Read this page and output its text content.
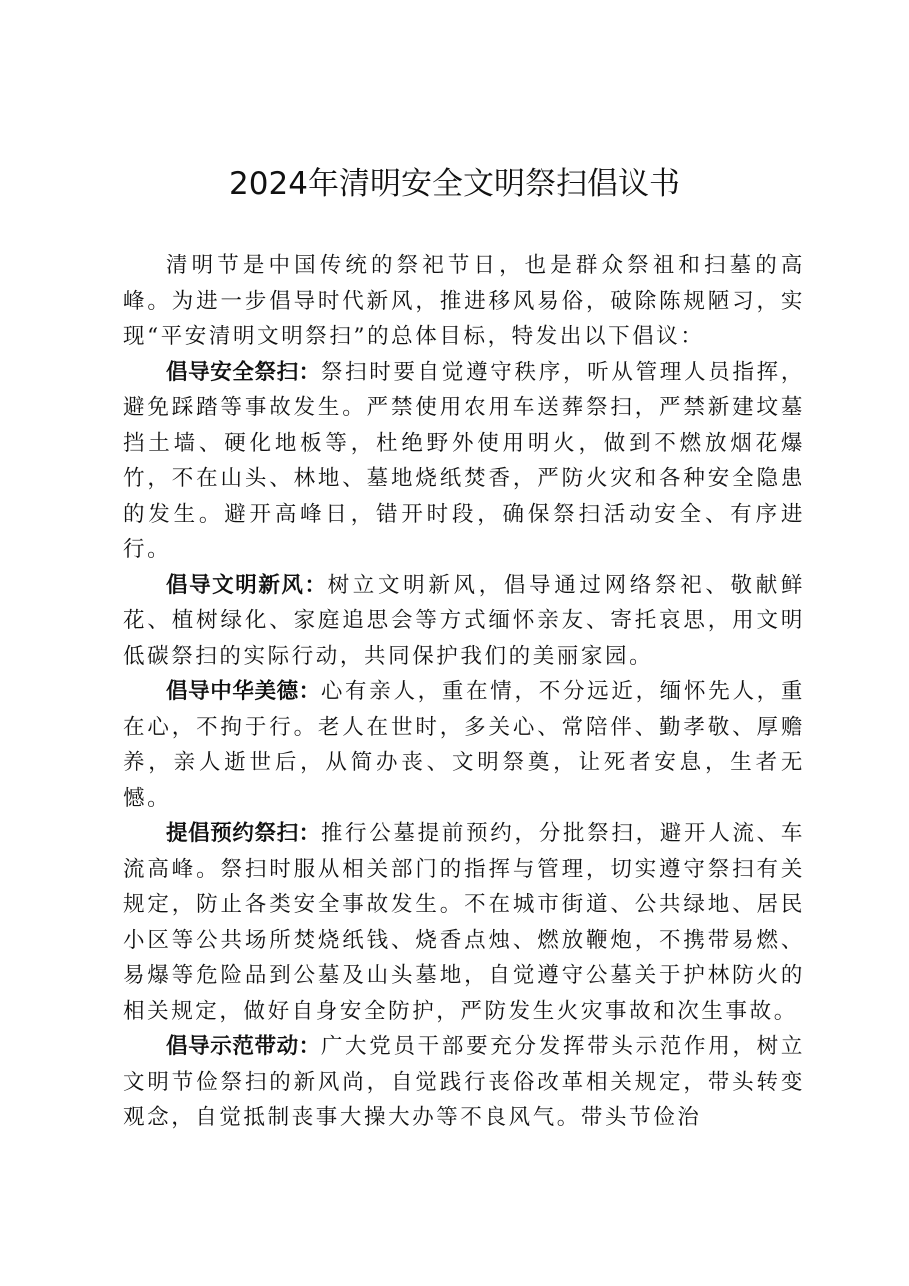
2024年清明安全文明祭扫倡议书

清明节是中国传统的祭祀节日，也是群众祭祖和扫墓的高峰。为进一步倡导时代新风，推进移风易俗，破除陈规陋习，实现“平安清明文明祭扫”的总体目标，特发出以下倡议：

倡导安全祭扫：祭扫时要自觉遵守秩序，听从管理人员指挥，避免踩踏等事故发生。严禁使用农用车送葬祭扫，严禁新建坟墓挡土墙、硬化地板等，杜绝野外使用明火，做到不燃放烟花爆竹，不在山头、林地、墓地烧纸焚香，严防火灾和各种安全隐患的发生。避开高峰日，错开时段，确保祭扫活动安全、有序进行。

倡导文明新风：树立文明新风，倡导通过网络祭祀、敬献鲜花、植树绿化、家庭追思会等方式缅怀亲友、寄托哀思，用文明低碳祭扫的实际行动，共同保护我们的美丽家园。

倡导中华美德：心有亲人，重在情，不分远近，缅怀先人，重在心，不拘于行。老人在世时，多关心、常陪伴、勤孝敬、厚赡养，亲人逝世后，从简办丧、文明祭奠，让死者安息，生者无憾。

提倡预约祭扫：推行公墓提前预约，分批祭扫，避开人流、车流高峰。祭扫时服从相关部门的指挥与管理，切实遵守祭扫有关规定，防止各类安全事故发生。不在城市街道、公共绿地、居民小区等公共场所焚烧纸钱、烧香点烛、燃放鞭炮，不携带易燃、易爆等危险品到公墓及山头墓地，自觉遵守公墓关于护林防火的相关规定，做好自身安全防护，严防发生火灾事故和次生事故。

倡导示范带动：广大党员干部要充分发挥带头示范作用，树立文明节俭祭扫的新风尚，自觉践行丧俗改革相关规定，带头转变观念，自觉抵制丧事大操大办等不良风气。带头节俭治
